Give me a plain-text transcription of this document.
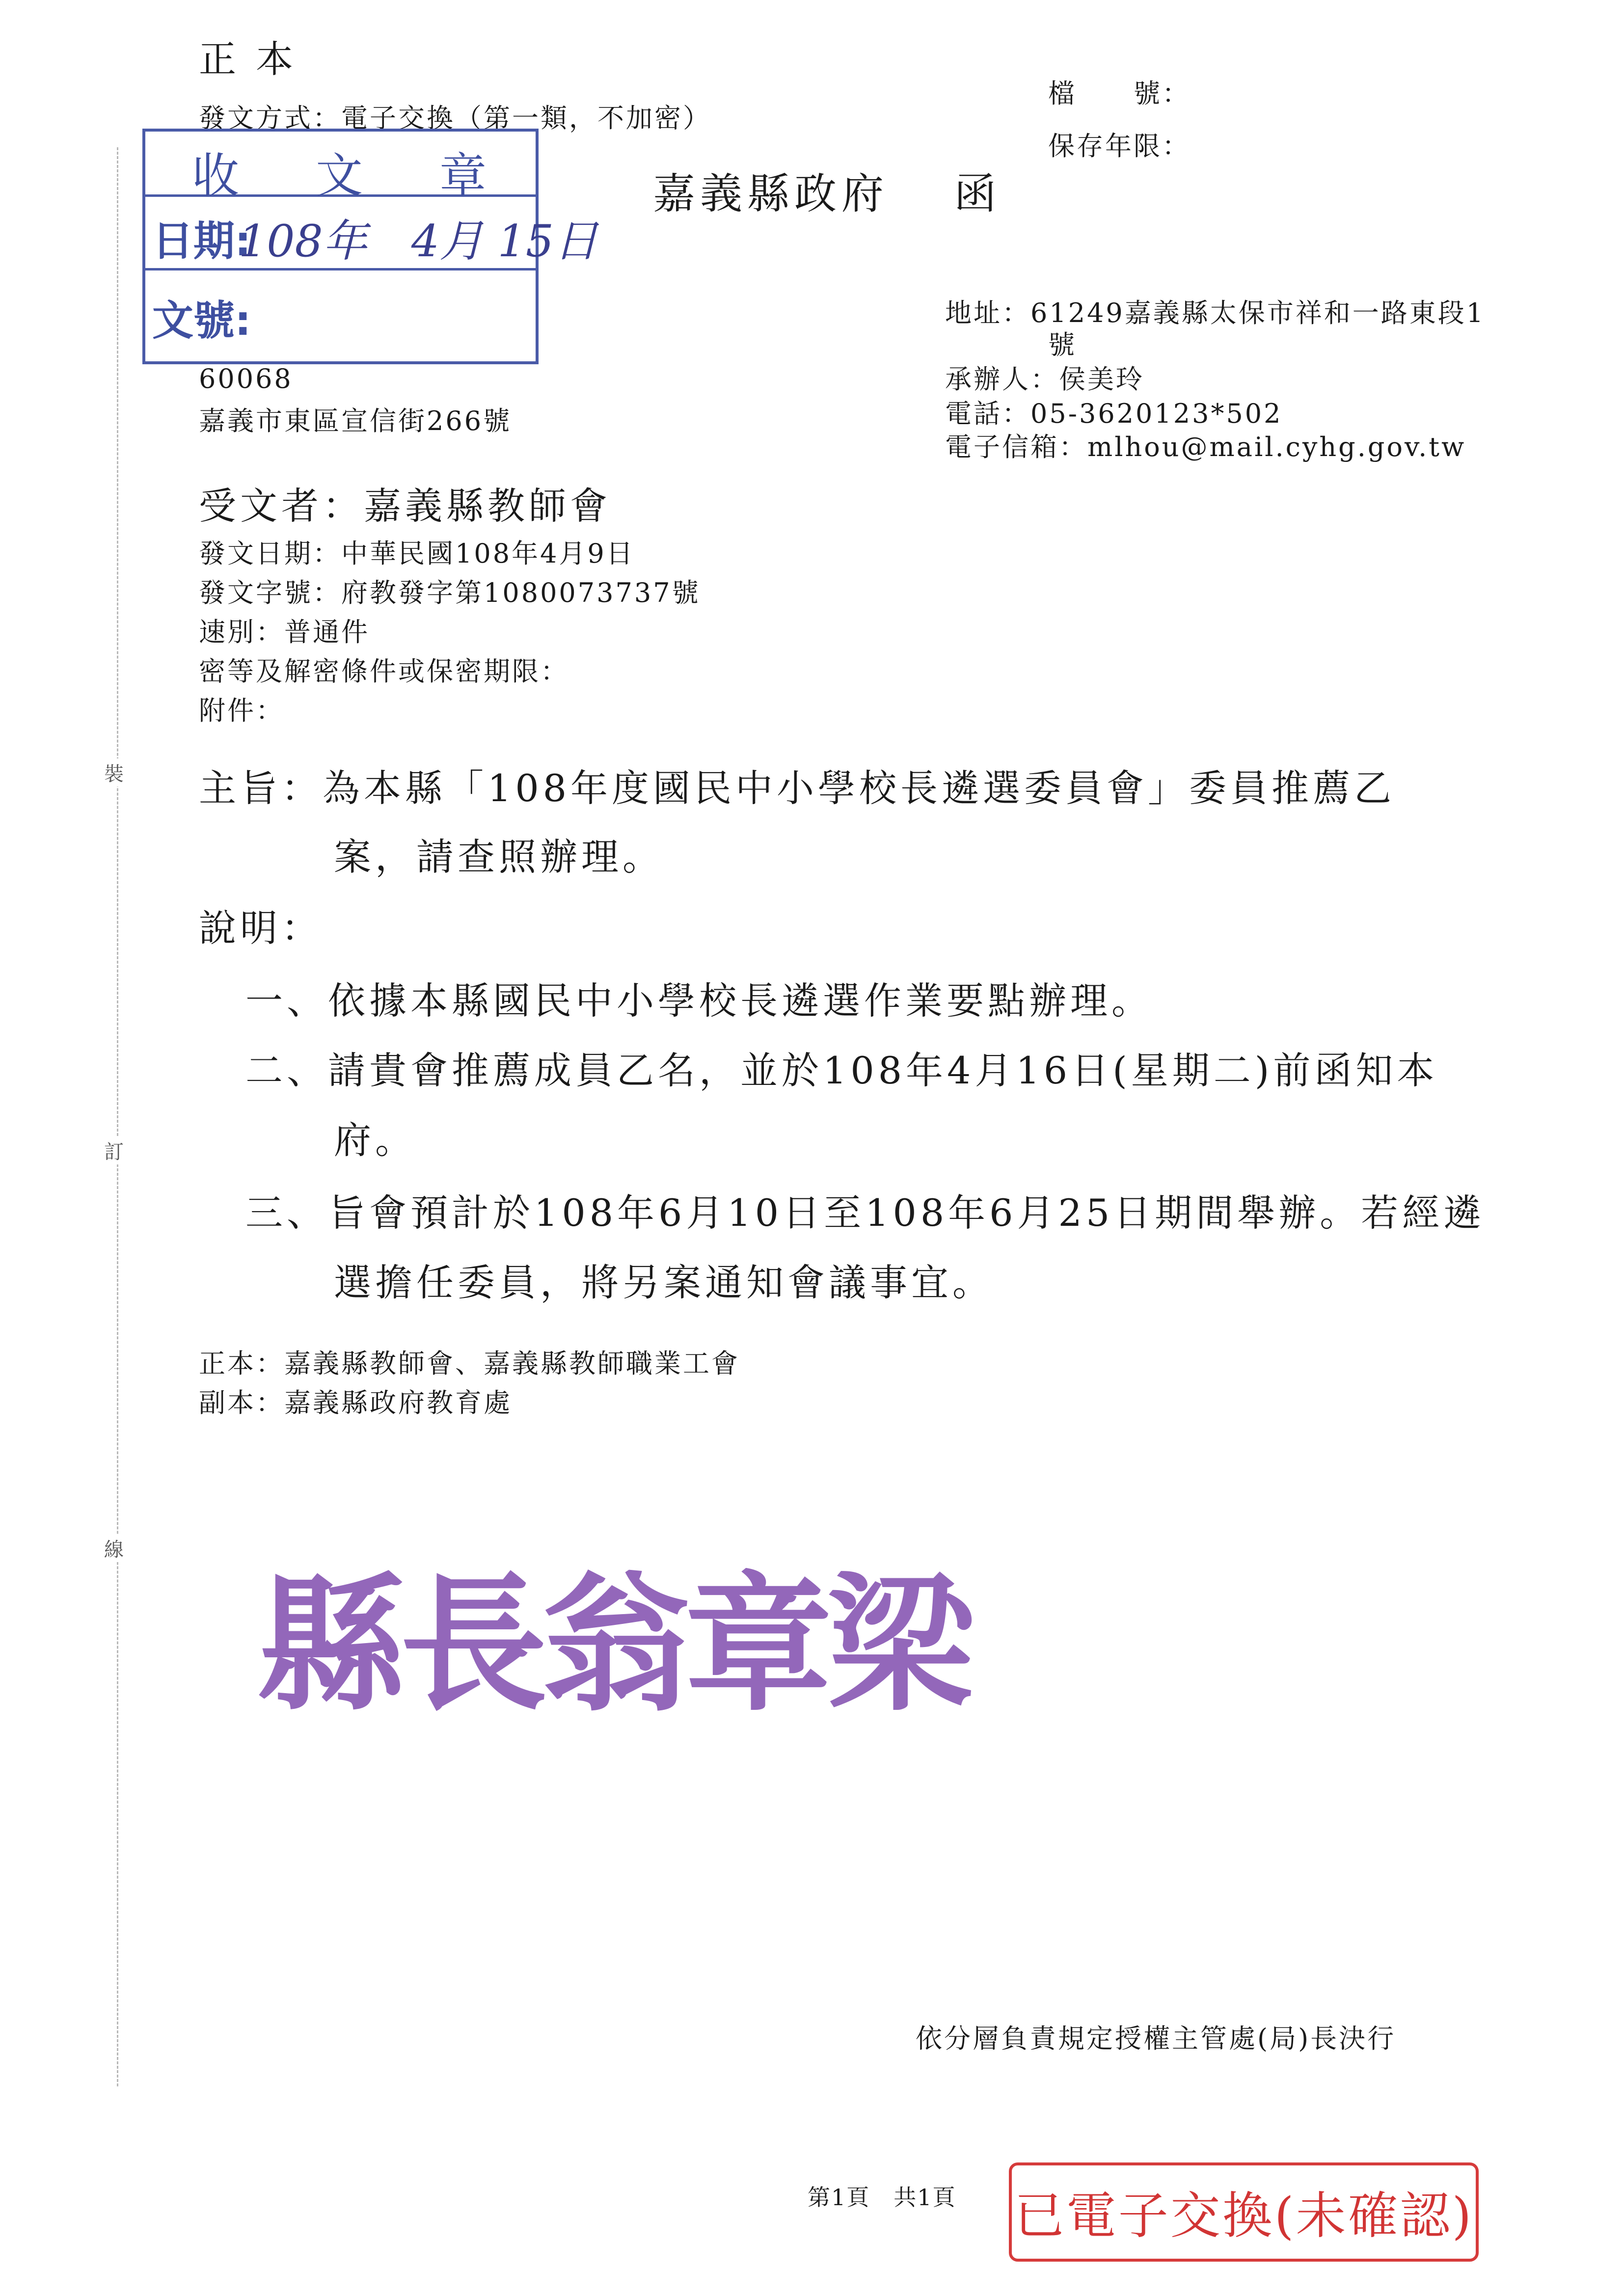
裝
訂
線
正 本
發文方式：電子交換（第一類，不加密）
檔　　號：
保存年限：
嘉義縣政府　 函
收　文　章
日期:
108年　4月 15日
文號:
60068
嘉義市東區宣信街266號
地址：61249嘉義縣太保市祥和一路東段1
號
承辦人：侯美玲
電話：05-3620123*502
電子信箱：mlhou@mail.cyhg.gov.tw
受文者：嘉義縣教師會
發文日期：中華民國108年4月9日
發文字號：府教發字第1080073737號
速別：普通件
密等及解密條件或保密期限：
附件：
主旨：為本縣「108年度國民中小學校長遴選委員會」委員推薦乙
案，請查照辦理。
說明：
一、依據本縣國民中小學校長遴選作業要點辦理。
二、請貴會推薦成員乙名，並於108年4月16日(星期二)前函知本
府。
三、旨會預計於108年6月10日至108年6月25日期間舉辦。若經遴
選擔任委員，將另案通知會議事宜。
正本：嘉義縣教師會、嘉義縣教師職業工會
副本：嘉義縣政府教育處
縣長翁章梁
依分層負責規定授權主管處(局)長決行
第1頁　共1頁 已電子交換(未確認)
